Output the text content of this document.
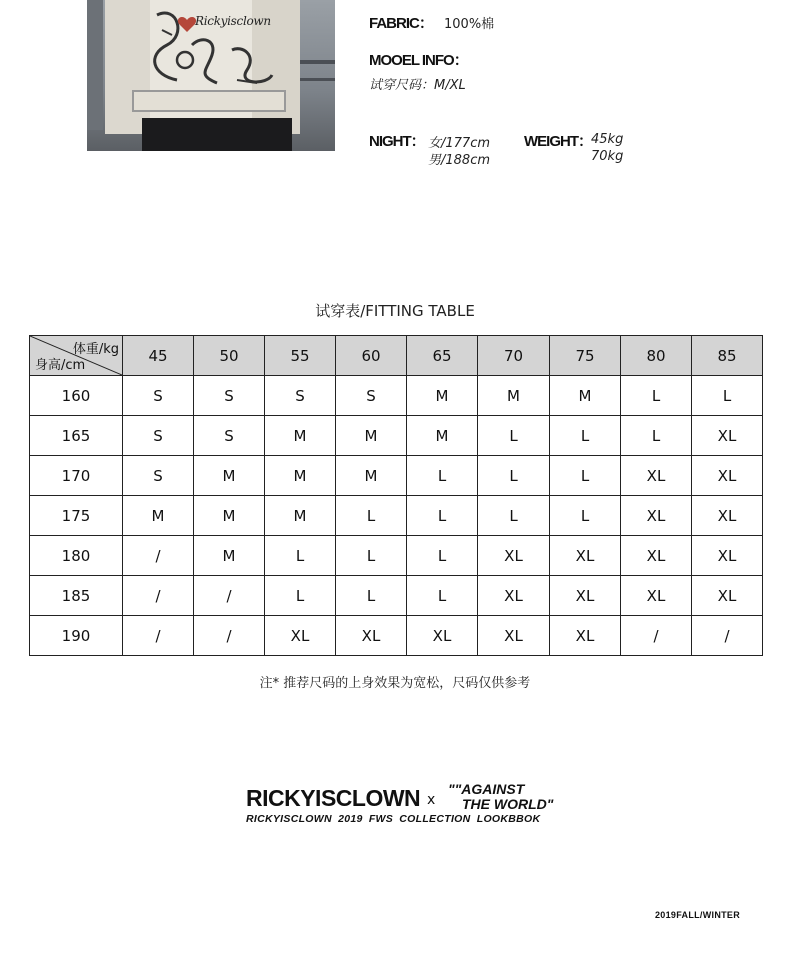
Rickyisclown	FABRIC： 100%棉
MOOEL INFO：
试穿尺码：M/XL
NIGHT： 女/177cm
男/188cm
WEIGHT： 45kg
70kg
试穿表/FITTING TABLE
体重/kg
身高/cm	45	50	55	60	65	70	75	80	85
160	S	S	S	S	M	M	M	L	L
165	S	S	M	M	M	L	L	L	XL
170	S	M	M	M	L	L	L	XL	XL
175	M	M	M	L	L	L	L	XL	XL
180	/	M	L	L	L	XL	XL	XL	XL
185	/	/	L	L	L	XL	XL	XL	XL
190	/	/	XL	XL	XL	XL	XL	/	/
注* 推荐尺码的上身效果为宽松，尺码仅供参考
RICKYISCLOWN x
""AGAINST
THE WORLD"
RICKYISCLOWN 2019 FWS COLLECTION LOOKBBOK
2019FALL/WINTER
